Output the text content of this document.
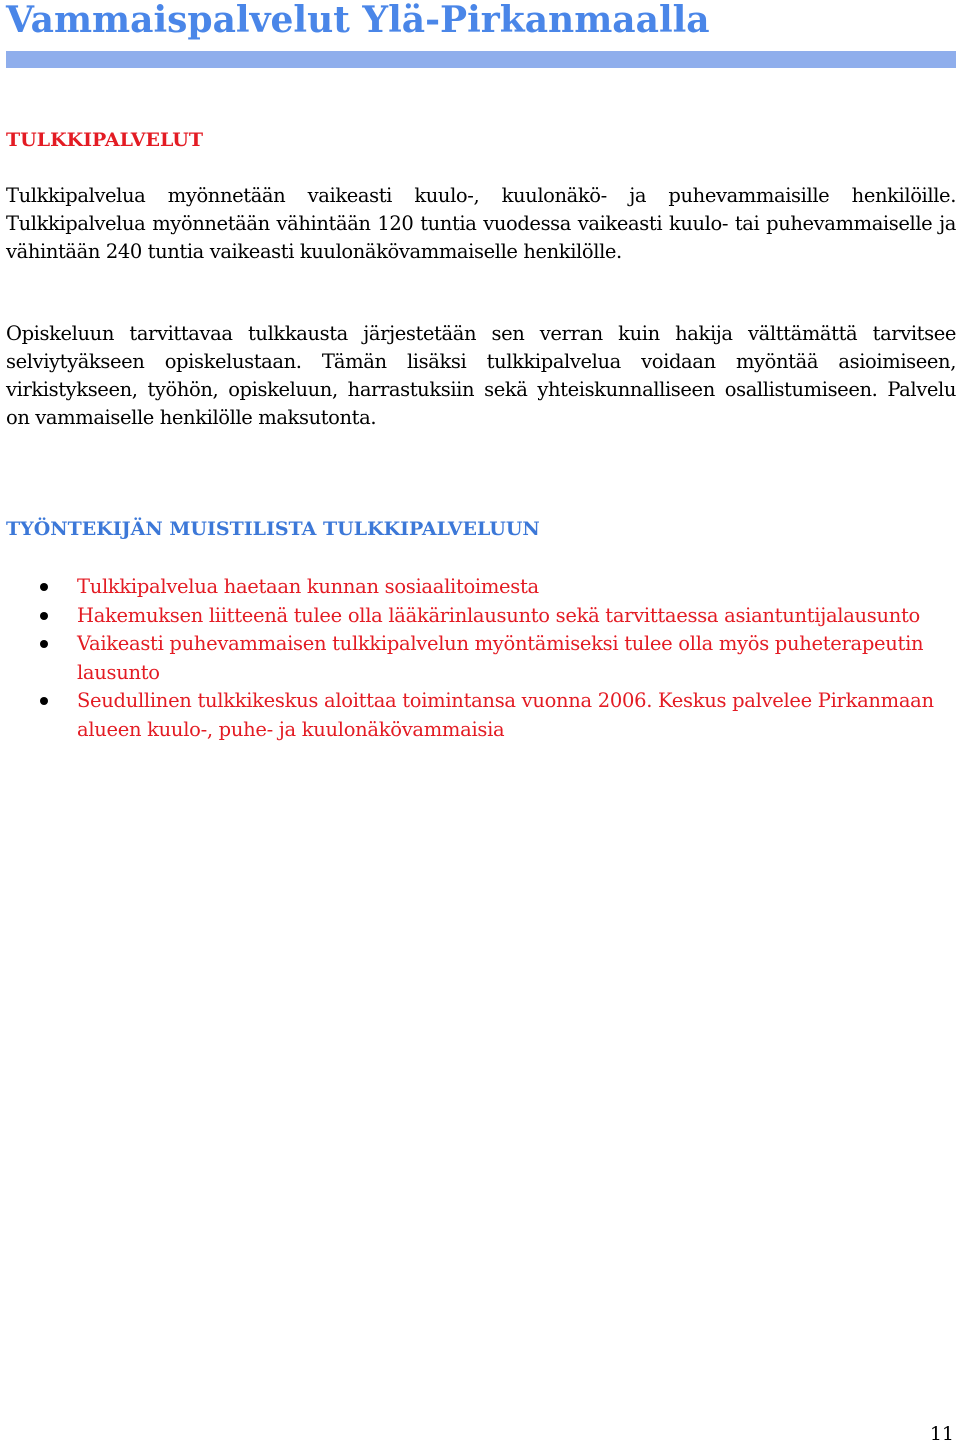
Vammaispalvelut Ylä-Pirkanmaalla
TULKKIPALVELUT

Tulkkipalvelua myönnetään vaikeasti kuulo-, kuulonäkö- ja puhevammaisille henkilöille. Tulkkipalvelua myönnetään vähintään 120 tuntia vuodessa vaikeasti kuulo- tai puhevammaiselle ja vähintään 240 tuntia vaikeasti kuulonäkövammaiselle henkilölle.

Opiskeluun tarvittavaa tulkkausta järjestetään sen verran kuin hakija välttämättä tarvitsee selviytyäkseen opiskelustaan. Tämän lisäksi tulkkipalvelua voidaan myöntää asioimiseen, virkistykseen, työhön, opiskeluun, harrastuksiin sekä yhteiskunnalliseen osallistumiseen. Palvelu on vammaiselle henkilölle maksutonta.

TYÖNTEKIJÄN MUISTILISTA TULKKIPALVELUUN
Tulkkipalvelua haetaan kunnan sosiaalitoimesta
Hakemuksen liitteenä tulee olla lääkärinlausunto sekä tarvittaessa asiantuntijalausunto
Vaikeasti puhevammaisen tulkkipalvelun myöntämiseksi tulee olla myös puheterapeutin lausunto
Seudullinen tulkkikeskus aloittaa toimintansa vuonna 2006. Keskus palvelee Pirkanmaan alueen kuulo-, puhe- ja kuulonäkövammaisia
11
